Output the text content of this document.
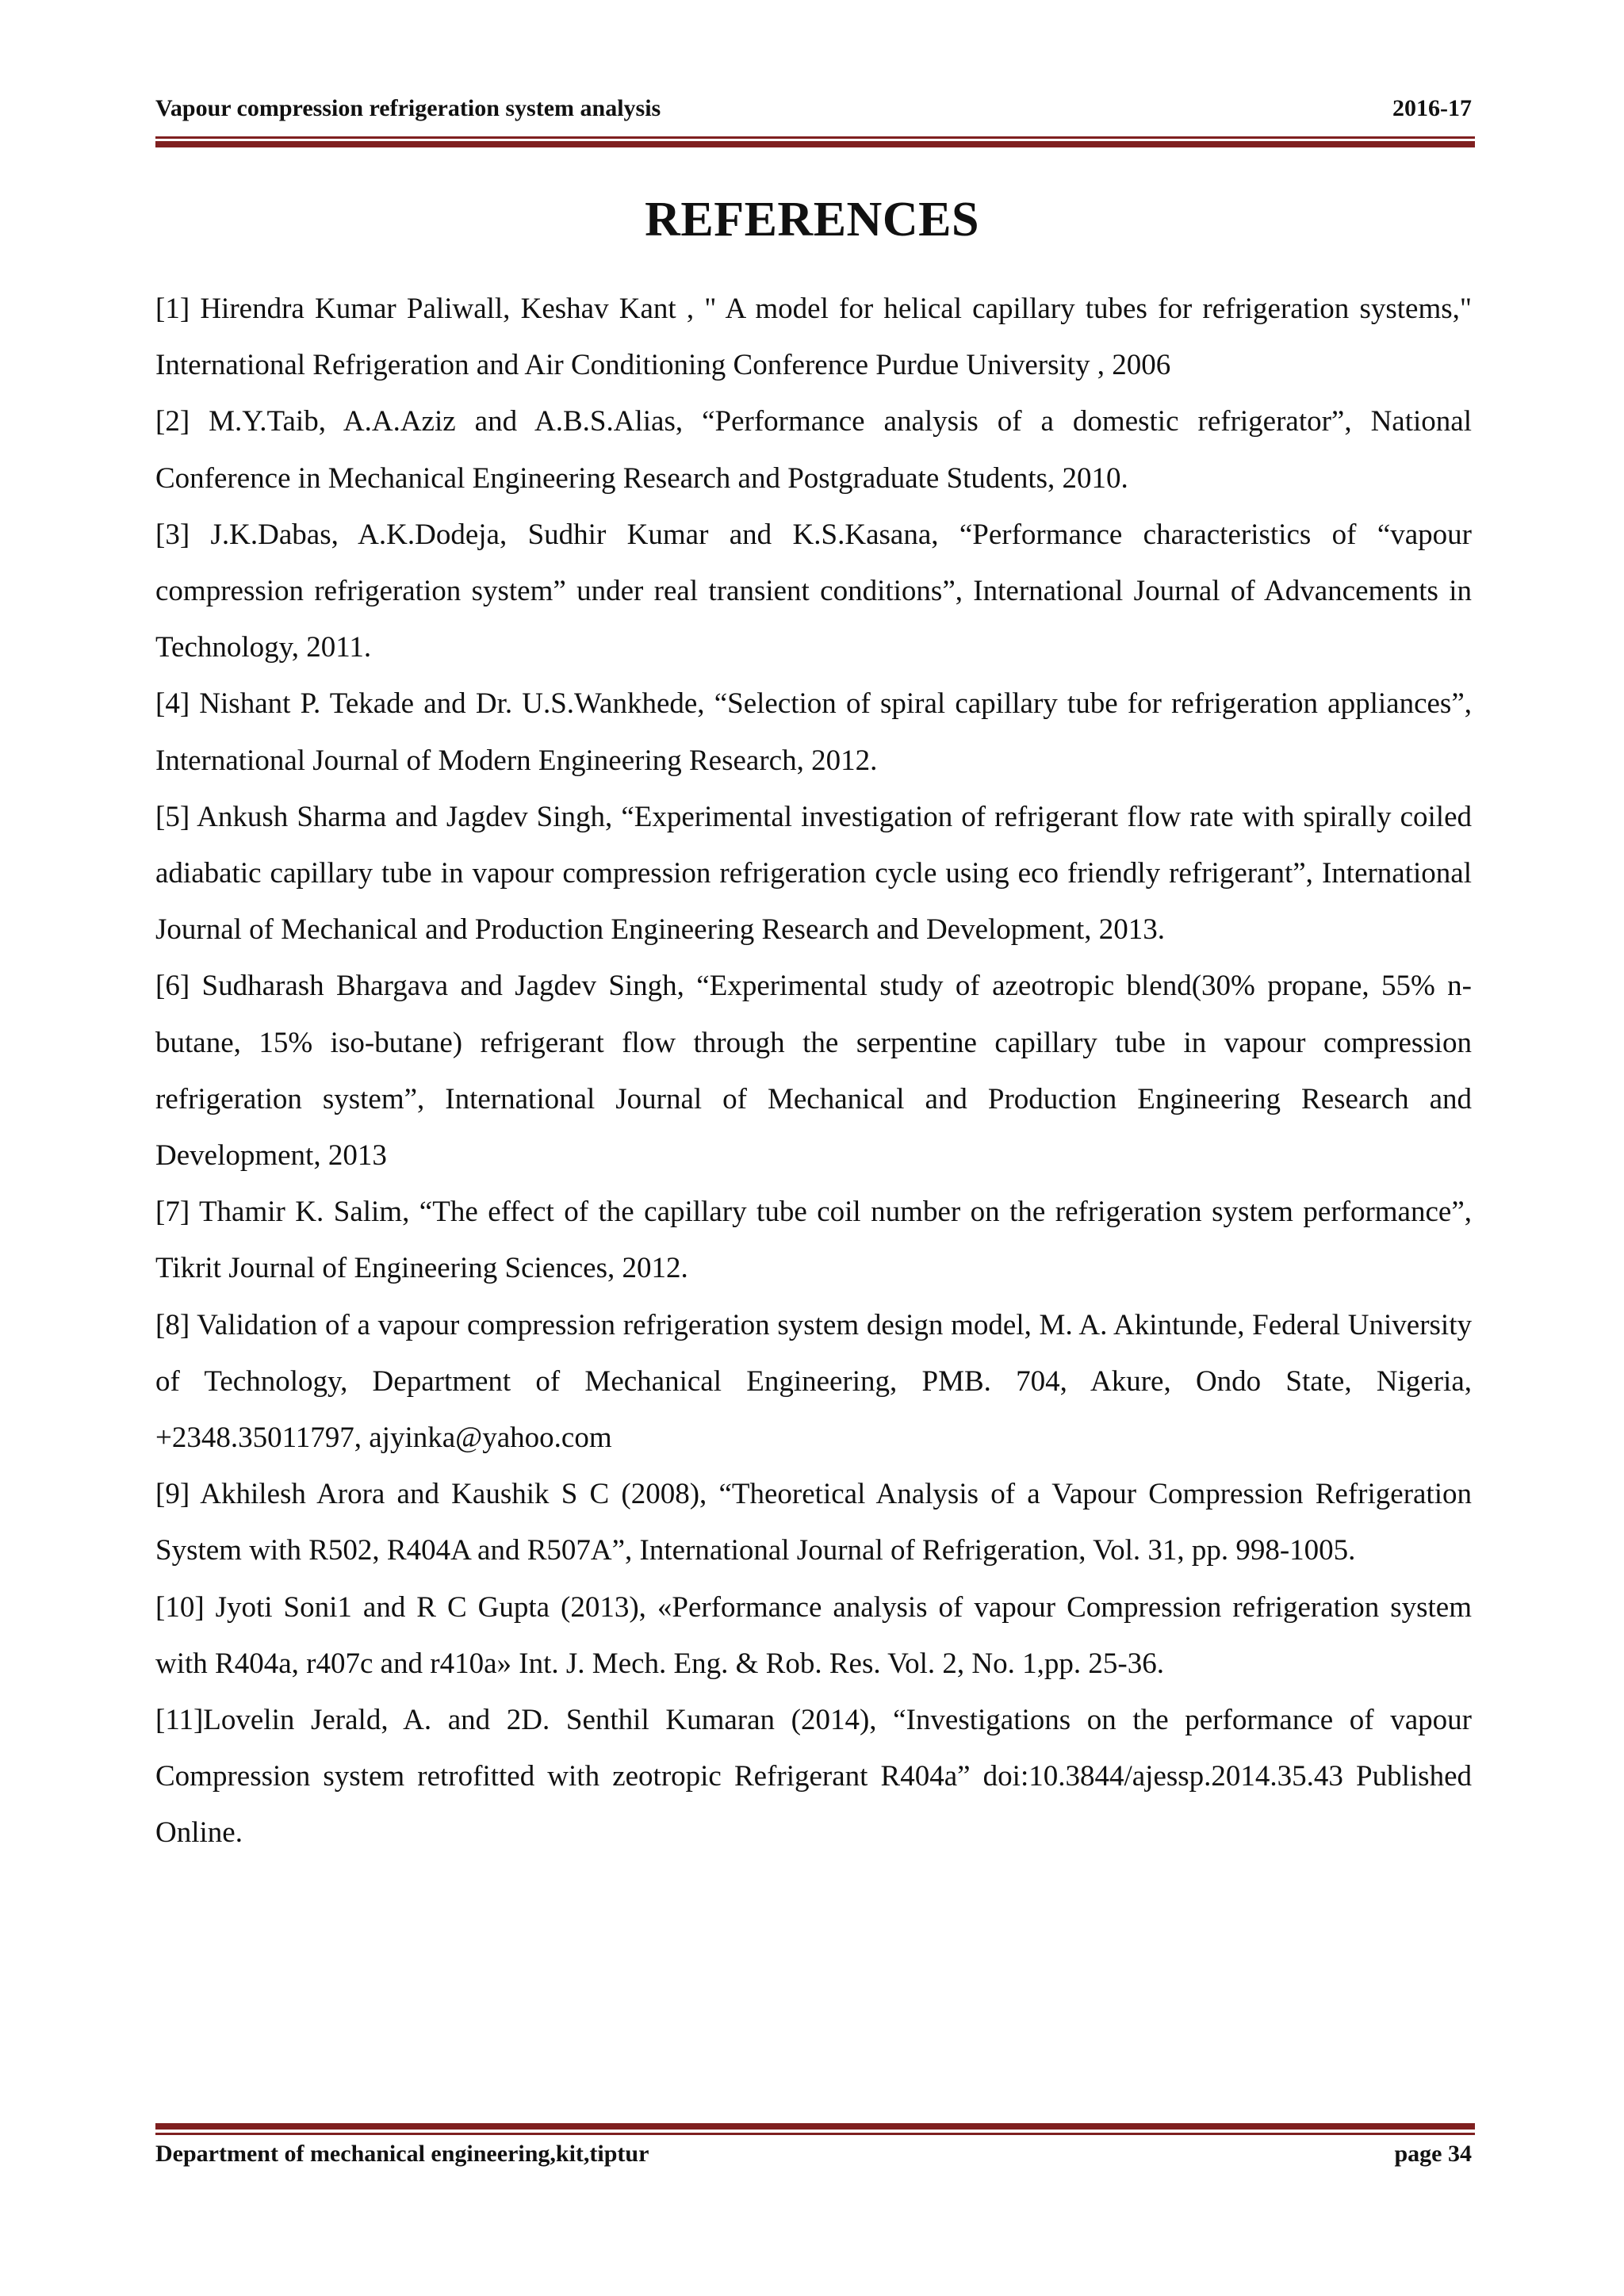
Vapour compression refrigeration system analysis	2016-17
REFERENCES

[1] Hirendra Kumar Paliwall, Keshav Kant , " A model for helical capillary tubes for refrigeration systems," International Refrigeration and Air Conditioning Conference Purdue University , 2006

[2] M.Y.Taib, A.A.Aziz and A.B.S.Alias, “Performance analysis of a domestic refrigerator”, National Conference in Mechanical Engineering Research and Postgraduate Students, 2010.

[3] J.K.Dabas, A.K.Dodeja, Sudhir Kumar and K.S.Kasana, “Performance characteristics of “vapour compression refrigeration system” under real transient conditions”, International Journal of Advancements in Technology, 2011.

[4] Nishant P. Tekade and Dr. U.S.Wankhede, “Selection of spiral capillary tube for refrigeration appliances”, International Journal of Modern Engineering Research, 2012.

[5] Ankush Sharma and Jagdev Singh, “Experimental investigation of refrigerant flow rate with spirally coiled adiabatic capillary tube in vapour compression refrigeration cycle using eco friendly refrigerant”, International Journal of Mechanical and Production Engineering Research and Development, 2013.

[6] Sudharash Bhargava and Jagdev Singh, “Experimental study of azeotropic blend(30% propane, 55% n-butane, 15% iso-butane) refrigerant flow through the serpentine capillary tube in vapour compression refrigeration system”, International Journal of Mechanical and Production Engineering Research and Development, 2013

[7] Thamir K. Salim, “The effect of the capillary tube coil number on the refrigeration system performance”, Tikrit Journal of Engineering Sciences, 2012.

[8] Validation of a vapour compression refrigeration system design model, M. A. Akintunde, Federal University of Technology, Department of Mechanical Engineering, PMB. 704, Akure, Ondo State, Nigeria, +2348.35011797, ajyinka@yahoo.com

[9] Akhilesh Arora and Kaushik S C (2008), “Theoretical Analysis of a Vapour Compression Refrigeration System with R502, R404A and R507A”, International Journal of Refrigeration, Vol. 31, pp. 998-1005.

[10] Jyoti Soni1 and R C Gupta (2013), «Performance analysis of vapour Compression refrigeration system with R404a, r407c and r410a» Int. J. Mech. Eng. & Rob. Res. Vol. 2, No. 1,pp. 25-36.

[11]Lovelin Jerald, A. and 2D. Senthil Kumaran (2014), “Investigations on the performance of vapour Compression system retrofitted with zeotropic Refrigerant R404a” doi:10.3844/ajessp.2014.35.43 Published Online.

Department of mechanical engineering,kit,tiptur	page 34
